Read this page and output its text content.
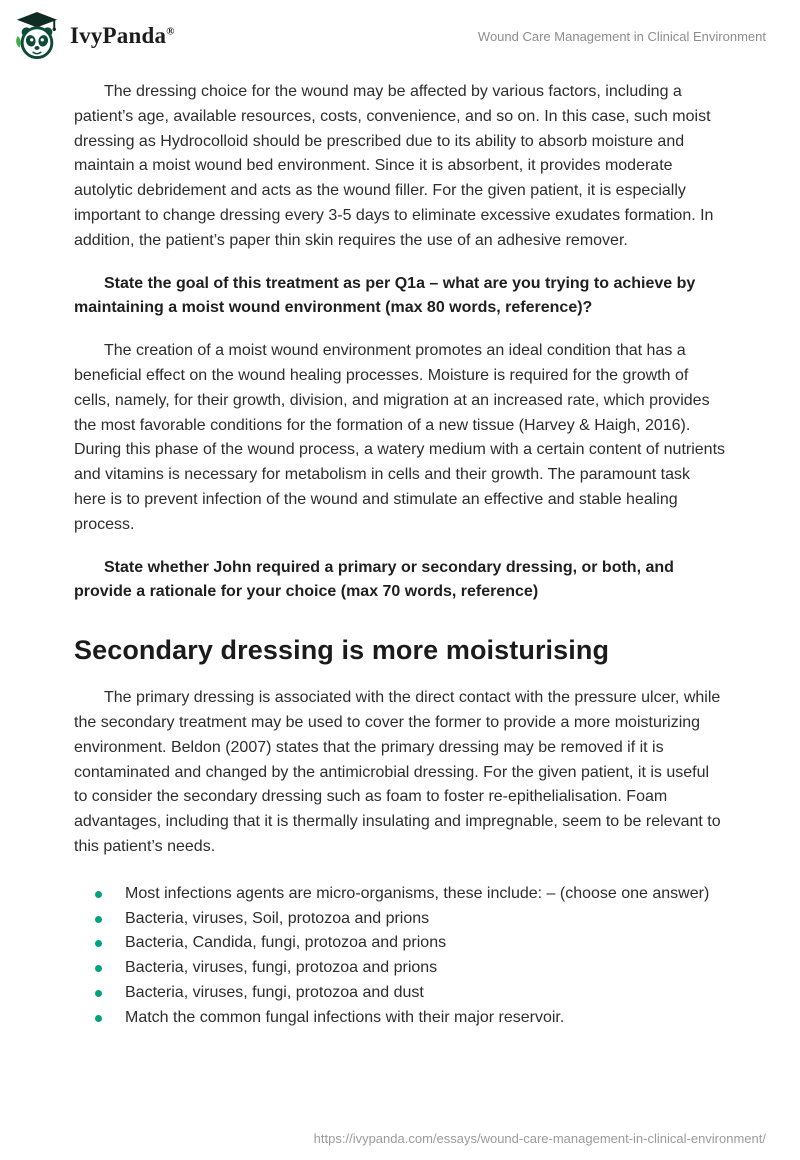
IvyPanda®	Wound Care Management in Clinical Environment

The dressing choice for the wound may be affected by various factors, including a patient’s age, available resources, costs, convenience, and so on. In this case, such moist dressing as Hydrocolloid should be prescribed due to its ability to absorb moisture and maintain a moist wound bed environment. Since it is absorbent, it provides moderate autolytic debridement and acts as the wound filler. For the given patient, it is especially important to change dressing every 3-5 days to eliminate excessive exudates formation. In addition, the patient’s paper thin skin requires the use of an adhesive remover.

State the goal of this treatment as per Q1a – what are you trying to achieve by maintaining a moist wound environment (max 80 words, reference)?

The creation of a moist wound environment promotes an ideal condition that has a beneficial effect on the wound healing processes. Moisture is required for the growth of cells, namely, for their growth, division, and migration at an increased rate, which provides the most favorable conditions for the formation of a new tissue (Harvey & Haigh, 2016). During this phase of the wound process, a watery medium with a certain content of nutrients and vitamins is necessary for metabolism in cells and their growth. The paramount task here is to prevent infection of the wound and stimulate an effective and stable healing process.

State whether John required a primary or secondary dressing, or both, and provide a rationale for your choice (max 70 words, reference)

Secondary dressing is more moisturising

The primary dressing is associated with the direct contact with the pressure ulcer, while the secondary treatment may be used to cover the former to provide a more moisturizing environment. Beldon (2007) states that the primary dressing may be removed if it is contaminated and changed by the antimicrobial dressing. For the given patient, it is useful to consider the secondary dressing such as foam to foster re-epithelialisation. Foam advantages, including that it is thermally insulating and impregnable, seem to be relevant to this patient’s needs.

Most infections agents are micro-organisms, these include: – (choose one answer)
Bacteria, viruses, Soil, protozoa and prions
Bacteria, Candida, fungi, protozoa and prions
Bacteria, viruses, fungi, protozoa and prions
Bacteria, viruses, fungi, protozoa and dust
Match the common fungal infections with their major reservoir.
https://ivypanda.com/essays/wound-care-management-in-clinical-environment/
